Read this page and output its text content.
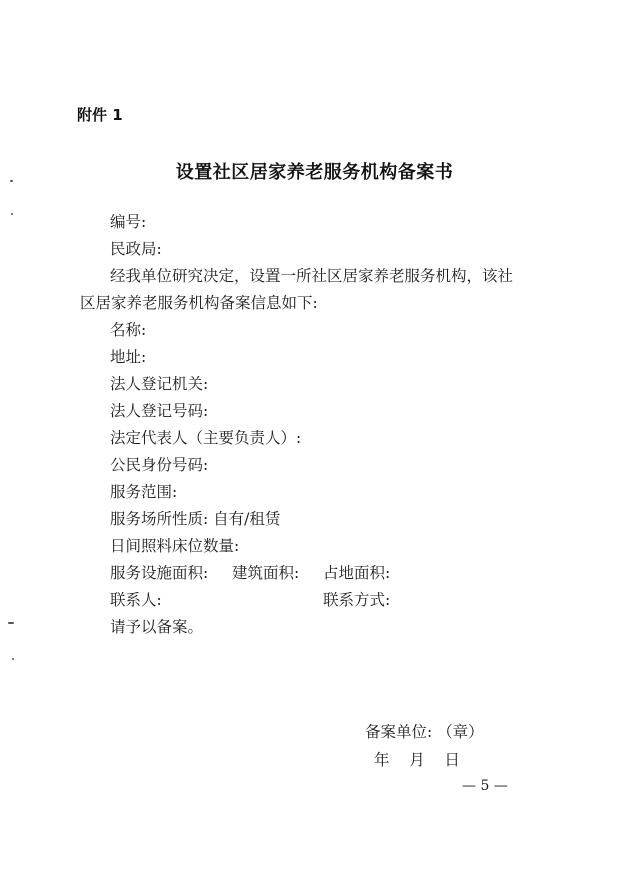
附件 1
设置社区居家养老服务机构备案书
编号:
民政局:
经我单位研究决定，设置一所社区居家养老服务机构，该社
区居家养老服务机构备案信息如下:
名称:
地址:
法人登记机关:
法人登记号码:
法定代表人（主要负责人）:
公民身份号码:
服务范围:
服务场所性质: 自有/租赁
日间照料床位数量:
服务设施面积: 建筑面积: 占地面积:
联系人:	联系方式:
请予以备案。
备案单位: （章）
年    月    日
— 5 —
